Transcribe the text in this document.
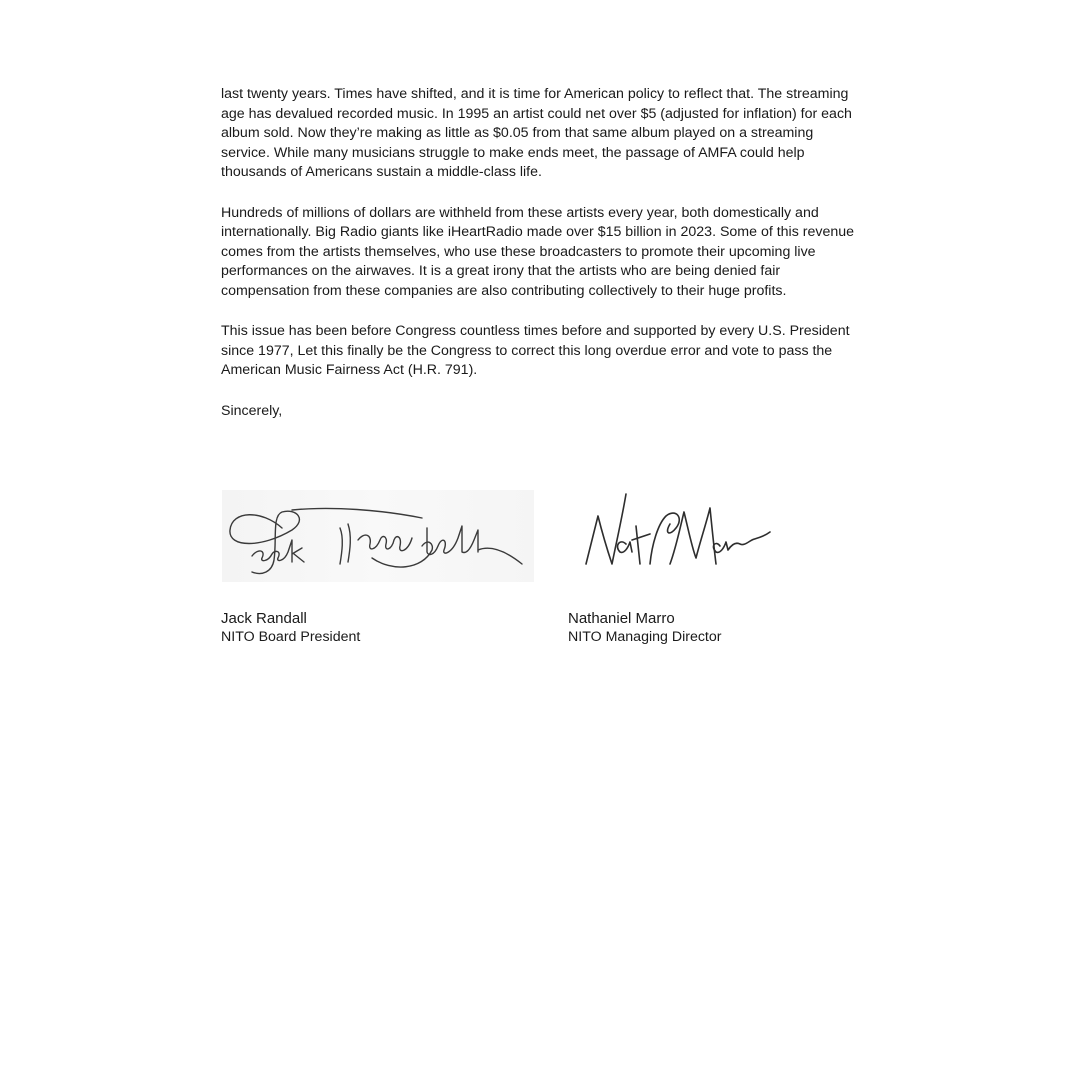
last twenty years. Times have shifted, and it is time for American policy to reflect that. The streaming age has devalued recorded music. In 1995 an artist could net over $5 (adjusted for inflation) for each album sold. Now they’re making as little as $0.05 from that same album played on a streaming service. While many musicians struggle to make ends meet, the passage of AMFA could help thousands of Americans sustain a middle-class life.

Hundreds of millions of dollars are withheld from these artists every year, both domestically and internationally. Big Radio giants like iHeartRadio made over $15 billion in 2023. Some of this revenue comes from the artists themselves, who use these broadcasters to promote their upcoming live performances on the airwaves. It is a great irony that the artists who are being denied fair compensation from these companies are also contributing collectively to their huge profits.

This issue has been before Congress countless times before and supported by every U.S. President since 1977, Let this finally be the Congress to correct this long overdue error and vote to pass the American Music Fairness Act (H.R. 791).

Sincerely,

Jack Randall
NITO Board President
Nathaniel Marro
NITO Managing Director
